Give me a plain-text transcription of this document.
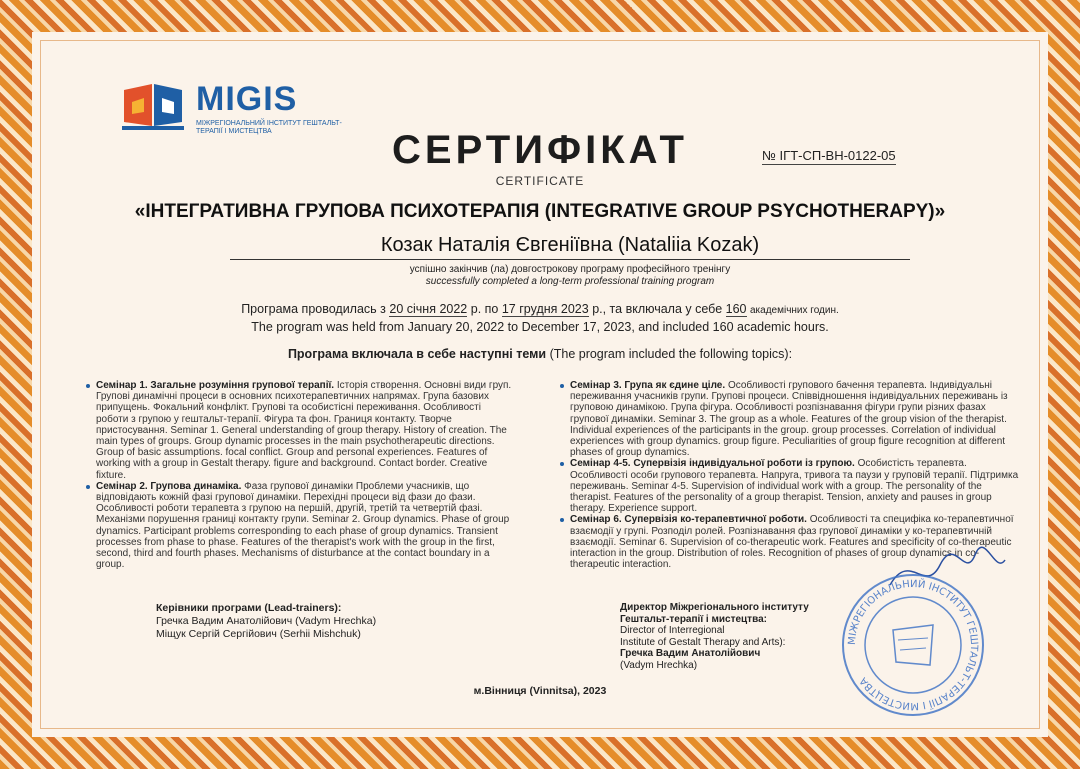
MIGIS
МІЖРЕГІОНАЛЬНИЙ ІНСТИТУТ ГЕШТАЛЬТ-ТЕРАПІЇ І МИСТЕЦТВА	СЕРТИФІКАТ
CERTIFICATE
№ ІГТ-СП-ВН-0122-05
«ІНТЕГРАТИВНА ГРУПОВА ПСИХОТЕРАПІЯ (INTEGRATIVE GROUP PSYCHOTHERAPY)»
Козак Наталія Євгеніївна (Nataliia Kozak)
успішно закінчив (ла) довгострокову програму професійного тренінгу
successfully completed a long-term professional training program
Програма проводилась з 20 січня 2022 р. по 17 грудня 2023 р., та включала у себе 160 академічних годин.
The program was held from January 20, 2022 to December 17, 2023, and included 160 academic hours.
Програма включала в себе наступні теми (The program included the following topics):

Семінар 1. Загальне розуміння групової терапії. Історія створення. Основні види груп. Групові динамічні процеси в основних психотерапевтичних напрямах. Група базових припущень. Фокальний конфлікт. Групові та особистісні переживання. Особливості роботи з групою у гештальт-терапії. Фігура та фон. Границя контакту. Творче пристосування. Seminar 1. General understanding of group therapy. History of creation. The main types of groups. Group dynamic processes in the main psychotherapeutic directions. Group of basic assumptions. focal conflict. Group and personal experiences. Features of working with a group in Gestalt therapy. figure and background. Contact border. Creative fixture.

Семінар 2. Групова динаміка. Фаза групової динаміки Проблеми учасників, що відповідають кожній фазі групової динаміки. Перехідні процеси від фази до фази. Особливості роботи терапевта з групою на першій, другій, третій та четвертій фазі. Механізми порушення границі контакту групи. Seminar 2. Group dynamics. Phase of group dynamics. Participant problems corresponding to each phase of group dynamics. Transient processes from phase to phase. Features of the therapist's work with the group in the first, second, third and fourth phases. Mechanisms of disturbance at the contact boundary in a group.

Семінар 3. Група як єдине ціле. Особливості групового бачення терапевта. Індивідуальні переживання учасників групи. Групові процеси. Співвідношення індивідуальних переживань із груповою динамікою. Група фігура. Особливості розпізнавання фігури групи різних фазах групової динаміки. Seminar 3. The group as a whole. Features of the group vision of the therapist. Individual experiences of the participants in the group. group processes. Correlation of individual experiences with group dynamics. group figure. Peculiarities of group figure recognition at different phases of group dynamics.

Семінар 4-5. Супервізія індивідуальної роботи із групою. Особистість терапевта. Особливості особи групового терапевта. Напруга, тривога та паузи у груповій терапії. Підтримка переживань. Seminar 4-5. Supervision of individual work with a group. The personality of the therapist. Features of the personality of a group therapist. Tension, anxiety and pauses in group therapy. Experience support.

Семінар 6. Супервізія ко-терапевтичної роботи. Особливості та специфіка ко-терапевтичної взаємодії у групі. Розподіл ролей. Розпізнавання фаз групової динаміки у ко-терапевтичній взаємодії. Seminar 6. Supervision of co-therapeutic work. Features and specificity of co-therapeutic interaction in the group. Distribution of roles. Recognition of phases of group dynamics in co-therapeutic interaction.

Керівники програми (Lead-trainers):
Гречка Вадим Анатолійович (Vadym Hrechka)
Міщук Сергій Сергійович (Serhii Mishchuk)
Директор Міжрегіонального інституту
Гештальт-терапії і мистецтва:
Director of Interregional
Institute of Gestalt Therapy and Arts):
Гречка Вадим Анатолійович
(Vadym Hrechka)
МІЖРЕГІОНАЛЬНИЙ ІНСТИТУТ ГЕШТАЛЬТ-ТЕРАПІЇ І МИСТЕЦТВА
м.Вінниця (Vinnitsa), 2023
